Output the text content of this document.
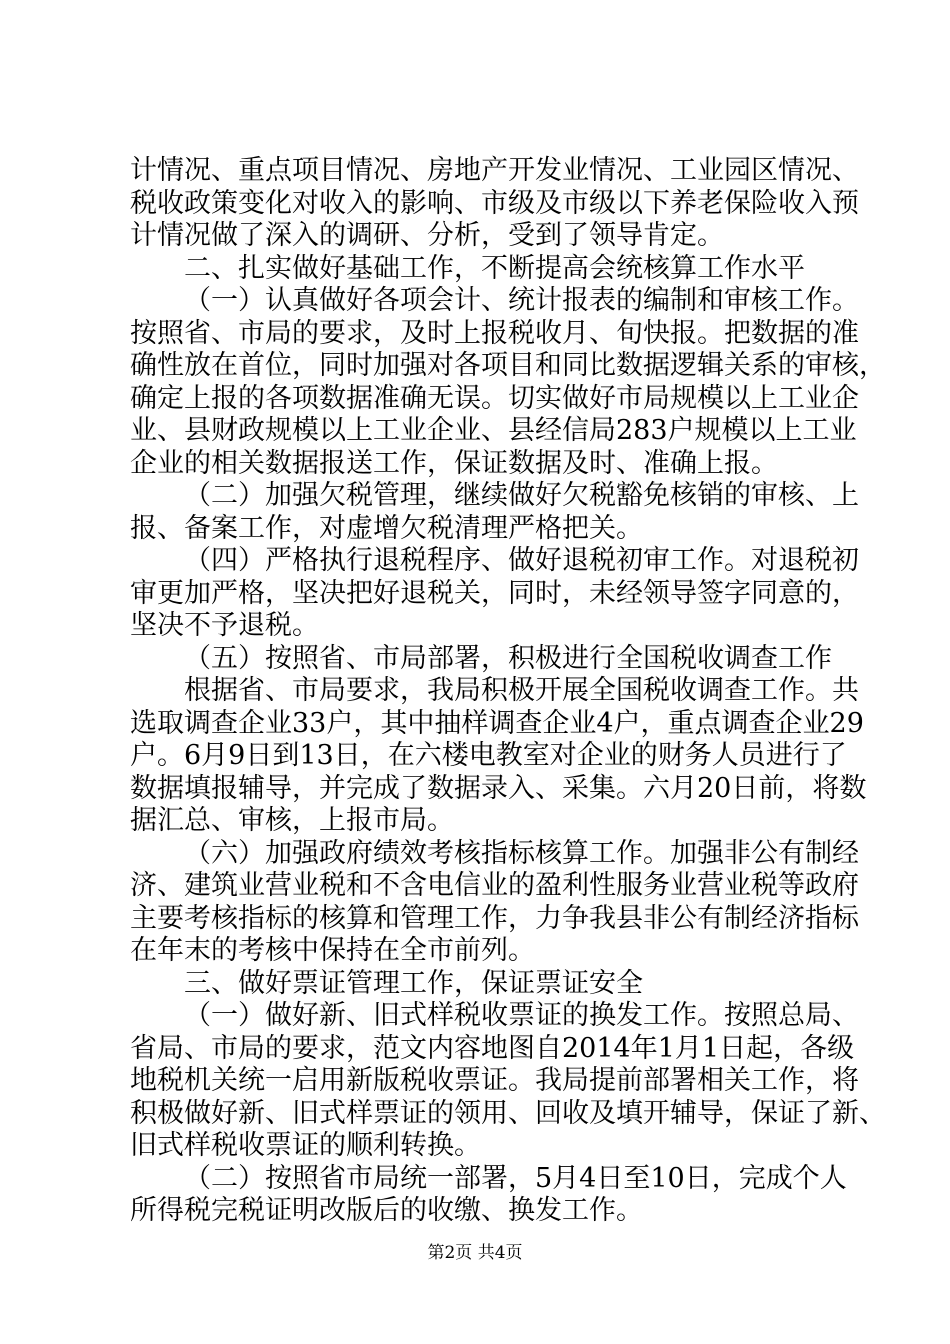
计情况、重点项目情况、房地产开发业情况、工业园区情况、
税收政策变化对收入的影响、市级及市级以下养老保险收入预
计情况做了深入的调研、分析，受到了领导肯定。
二、扎实做好基础工作，不断提高会统核算工作水平
（一）认真做好各项会计、统计报表的编制和审核工作。
按照省、市局的要求，及时上报税收月、旬快报。把数据的准
确性放在首位，同时加强对各项目和同比数据逻辑关系的审核，
确定上报的各项数据准确无误。切实做好市局规模以上工业企
业、县财政规模以上工业企业、县经信局283户规模以上工业
企业的相关数据报送工作，保证数据及时、准确上报。
（二）加强欠税管理，继续做好欠税豁免核销的审核、上
报、备案工作，对虚增欠税清理严格把关。
（四）严格执行退税程序、做好退税初审工作。对退税初
审更加严格，坚决把好退税关，同时，未经领导签字同意的，
坚决不予退税。
（五）按照省、市局部署，积极进行全国税收调查工作
根据省、市局要求，我局积极开展全国税收调查工作。共
选取调查企业33户，其中抽样调查企业4户，重点调查企业29
户。6月9日到13日，在六楼电教室对企业的财务人员进行了
数据填报辅导，并完成了数据录入、采集。六月20日前，将数
据汇总、审核，上报市局。
（六）加强政府绩效考核指标核算工作。加强非公有制经
济、建筑业营业税和不含电信业的盈利性服务业营业税等政府
主要考核指标的核算和管理工作，力争我县非公有制经济指标
在年末的考核中保持在全市前列。
三、做好票证管理工作，保证票证安全
（一）做好新、旧式样税收票证的换发工作。按照总局、
省局、市局的要求，范文内容地图自2014年1月1日起，各级
地税机关统一启用新版税收票证。我局提前部署相关工作，将
积极做好新、旧式样票证的领用、回收及填开辅导，保证了新、
旧式样税收票证的顺利转换。
（二）按照省市局统一部署，5月4日至10日，完成个人
所得税完税证明改版后的收缴、换发工作。
第2页 共4页
